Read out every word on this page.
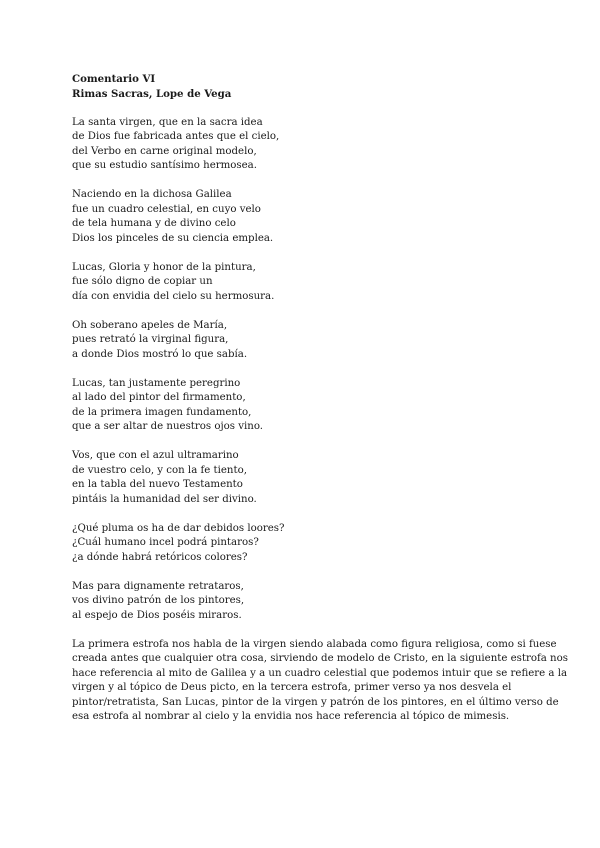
Comentario VI
Rimas Sacras, Lope de Vega
La santa virgen, que en la sacra idea
de Dios fue fabricada antes que el cielo,
del Verbo en carne original modelo,
que su estudio santísimo hermosea.
Naciendo en la dichosa Galilea
fue un cuadro celestial, en cuyo velo
de tela humana y de divino celo
Dios los pinceles de su ciencia emplea.
Lucas, Gloria y honor de la pintura,
fue sólo digno de copiar un
día con envidia del cielo su hermosura.
Oh soberano apeles de María,
pues retrató la virginal figura,
a donde Dios mostró lo que sabía.
Lucas, tan justamente peregrino
al lado del pintor del firmamento,
de la primera imagen fundamento,
que a ser altar de nuestros ojos vino.
Vos, que con el azul ultramarino
de vuestro celo, y con la fe tiento,
en la tabla del nuevo Testamento
pintáis la humanidad del ser divino.
¿Qué pluma os ha de dar debidos loores?
¿Cuál humano incel podrá pintaros?
¿a dónde habrá retóricos colores?
Mas para dignamente retrataros,
vos divino patrón de los pintores,
al espejo de Dios poséis miraros.
La primera estrofa nos habla de la virgen siendo alabada como figura religiosa, como si fuese
creada antes que cualquier otra cosa, sirviendo de modelo de Cristo, en la siguiente estrofa nos
hace referencia al mito de Galilea y a un cuadro celestial que podemos intuir que se refiere a la
virgen y al tópico de Deus picto, en la tercera estrofa, primer verso ya nos desvela el
pintor/retratista, San Lucas, pintor de la virgen y patrón de los pintores, en el último verso de
esa estrofa al nombrar al cielo y la envidia nos hace referencia al tópico de mimesis.
